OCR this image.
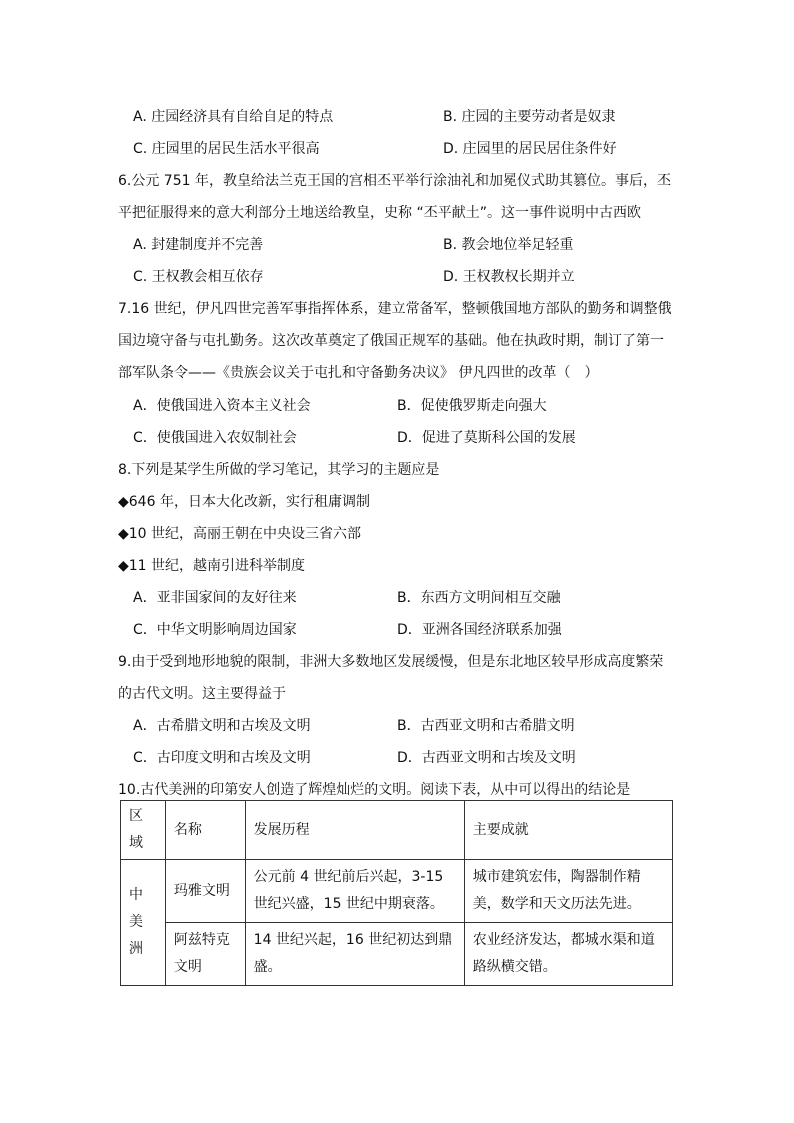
A. 庄园经济具有自给自足的特点	B. 庄园的主要劳动者是奴隶
C. 庄园里的居民生活水平很高	D. 庄园里的居民居住条件好
6.公元 751 年，教皇给法兰克王国的宫相丕平举行涂油礼和加冕仪式助其篡位。事后，丕
平把征服得来的意大利部分土地送给教皇，史称 “丕平献土”。这一事件说明中古西欧
A. 封建制度并不完善	B. 教会地位举足轻重
C. 王权教会相互依存	D. 王权教权长期并立
7.16 世纪，伊凡四世完善军事指挥体系，建立常备军，整顿俄国地方部队的勤务和调整俄
国边境守备与屯扎勤务。这次改革奠定了俄国正规军的基础。他在执政时期，制订了第一
部军队条令——《贵族会议关于屯扎和守备勤务决议》 伊凡四世的改革（　）
A．使俄国进入资本主义社会	B．促使俄罗斯走向强大
C．使俄国进入农奴制社会	D．促进了莫斯科公国的发展
8.下列是某学生所做的学习笔记，其学习的主题应是
◆646 年，日本大化改新，实行租庸调制
◆10 世纪，高丽王朝在中央设三省六部
◆11 世纪，越南引进科举制度
A．亚非国家间的友好往来	B．东西方文明间相互交融
C．中华文明影响周边国家	D．亚洲各国经济联系加强
9.由于受到地形地貌的限制，非洲大多数地区发展缓慢，但是东北地区较早形成高度繁荣
的古代文明。这主要得益于
A．古希腊文明和古埃及文明	B．古西亚文明和古希腊文明
C．古印度文明和古埃及文明	D．古西亚文明和古埃及文明
10.古代美洲的印第安人创造了辉煌灿烂的文明。阅读下表，从中可以得出的结论是
区域	名称	发展历程	主要成就
中美洲	玛雅文明	公元前 4 世纪前后兴起，3-15 世纪兴盛，15 世纪中期衰落。	城市建筑宏伟，陶器制作精美，数学和天文历法先进。
	阿兹特克文明	14 世纪兴起，16 世纪初达到鼎盛。	农业经济发达，都城水渠和道路纵横交错。
